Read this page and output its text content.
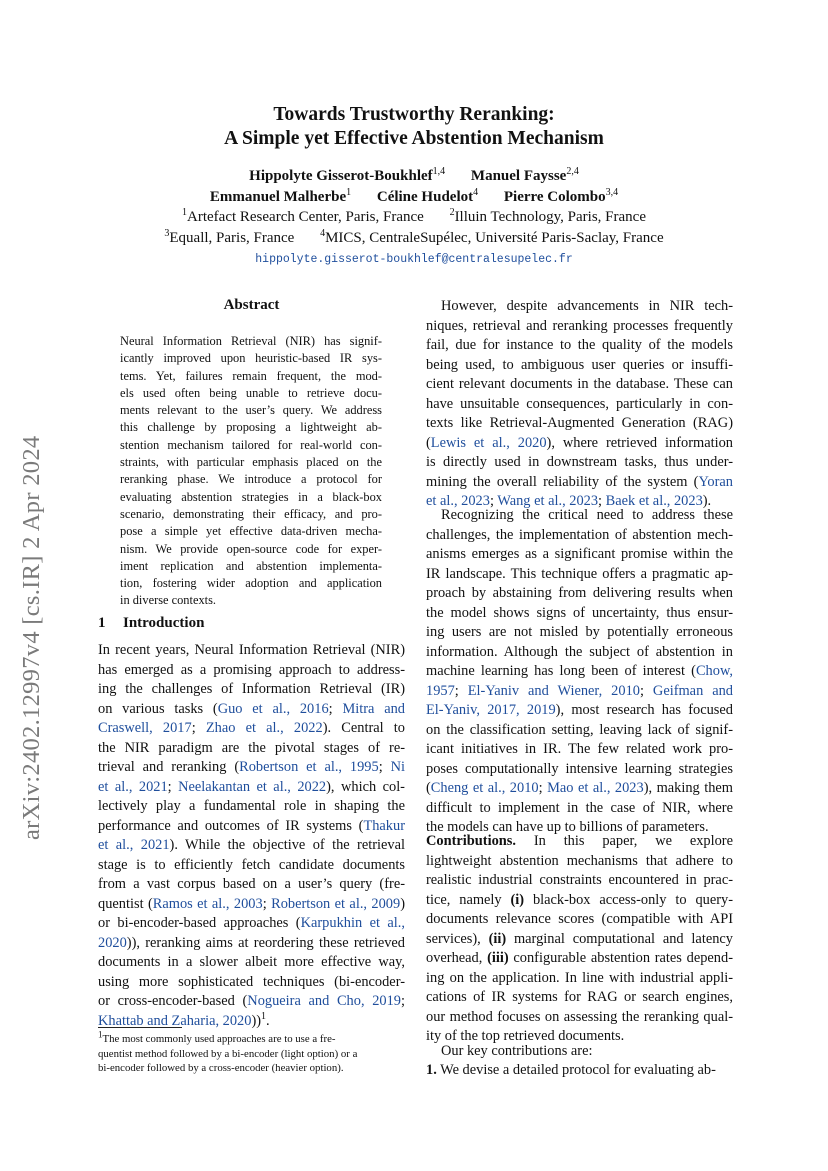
arXiv:2402.12997v4 [cs.IR] 2 Apr 2024
Towards Trustworthy Reranking:
A Simple yet Effective Abstention Mechanism
Hippolyte Gisserot-Boukhlef$^{1,4}$ Manuel Faysse$^{2,4}$
Emmanuel Malherbe$^1$ Céline Hudelot$^4$ Pierre Colombo$^{3,4}$
$^1$Artefact Research Center, Paris, France	$^2$Illuin Technology, Paris, France
$^3$Equall, Paris, France	$^4$MICS, CentraleSupélec, Université Paris-Saclay, France
hippolyte.gisserot-boukhlef@centralesupelec.fr
Abstract
Neural Information Retrieval (NIR) has signif-
icantly improved upon heuristic-based IR sys-
tems. Yet, failures remain frequent, the mod-
els used often being unable to retrieve docu-
ments relevant to the user’s query. We address
this challenge by proposing a lightweight ab-
stention mechanism tailored for real-world con-
straints, with particular emphasis placed on the
reranking phase. We introduce a protocol for
evaluating abstention strategies in a black-box
scenario, demonstrating their efficacy, and pro-
pose a simple yet effective data-driven mecha-
nism. We provide open-source code for exper-
iment replication and abstention implementa-
tion, fostering wider adoption and application
in diverse contexts.
1 Introduction
In recent years, Neural Information Retrieval (NIR)
has emerged as a promising approach to address-
ing the challenges of Information Retrieval (IR)
on various tasks (Guo et al., 2016; Mitra and
Craswell, 2017; Zhao et al., 2022). Central to
the NIR paradigm are the pivotal stages of re-
trieval and reranking (Robertson et al., 1995; Ni
et al., 2021; Neelakantan et al., 2022), which col-
lectively play a fundamental role in shaping the
performance and outcomes of IR systems (Thakur
et al., 2021). While the objective of the retrieval
stage is to efficiently fetch candidate documents
from a vast corpus based on a user’s query (fre-
quentist (Ramos et al., 2003; Robertson et al., 2009)
or bi-encoder-based approaches (Karpukhin et al.,
2020)), reranking aims at reordering these retrieved
documents in a slower albeit more effective way,
using more sophisticated techniques (bi-encoder-
or cross-encoder-based (Nogueira and Cho, 2019;
Khattab and Zaharia, 2020))$^1$.
$^1$The most commonly used approaches are to use a fre-
quentist method followed by a bi-encoder (light option) or a
bi-encoder followed by a cross-encoder (heavier option).
However, despite advancements in NIR tech-
niques, retrieval and reranking processes frequently
fail, due for instance to the quality of the models
being used, to ambiguous user queries or insuffi-
cient relevant documents in the database. These can
have unsuitable consequences, particularly in con-
texts like Retrieval-Augmented Generation (RAG)
(Lewis et al., 2020), where retrieved information
is directly used in downstream tasks, thus under-
mining the overall reliability of the system (Yoran
et al., 2023; Wang et al., 2023; Baek et al., 2023).
Recognizing the critical need to address these
challenges, the implementation of abstention mech-
anisms emerges as a significant promise within the
IR landscape. This technique offers a pragmatic ap-
proach by abstaining from delivering results when
the model shows signs of uncertainty, thus ensur-
ing users are not misled by potentially erroneous
information. Although the subject of abstention in
machine learning has long been of interest (Chow,
1957; El-Yaniv and Wiener, 2010; Geifman and
El-Yaniv, 2017, 2019), most research has focused
on the classification setting, leaving lack of signif-
icant initiatives in IR. The few related work pro-
poses computationally intensive learning strategies
(Cheng et al., 2010; Mao et al., 2023), making them
difficult to implement in the case of NIR, where
the models can have up to billions of parameters.
Contributions. In this paper, we explore
lightweight abstention mechanisms that adhere to
realistic industrial constraints encountered in prac-
tice, namely (i) black-box access-only to query-
documents relevance scores (compatible with API
services), (ii) marginal computational and latency
overhead, (iii) configurable abstention rates depend-
ing on the application. In line with industrial appli-
cations of IR systems for RAG or search engines,
our method focuses on assessing the reranking qual-
ity of the top retrieved documents.
Our key contributions are:
1. We devise a detailed protocol for evaluating ab-
